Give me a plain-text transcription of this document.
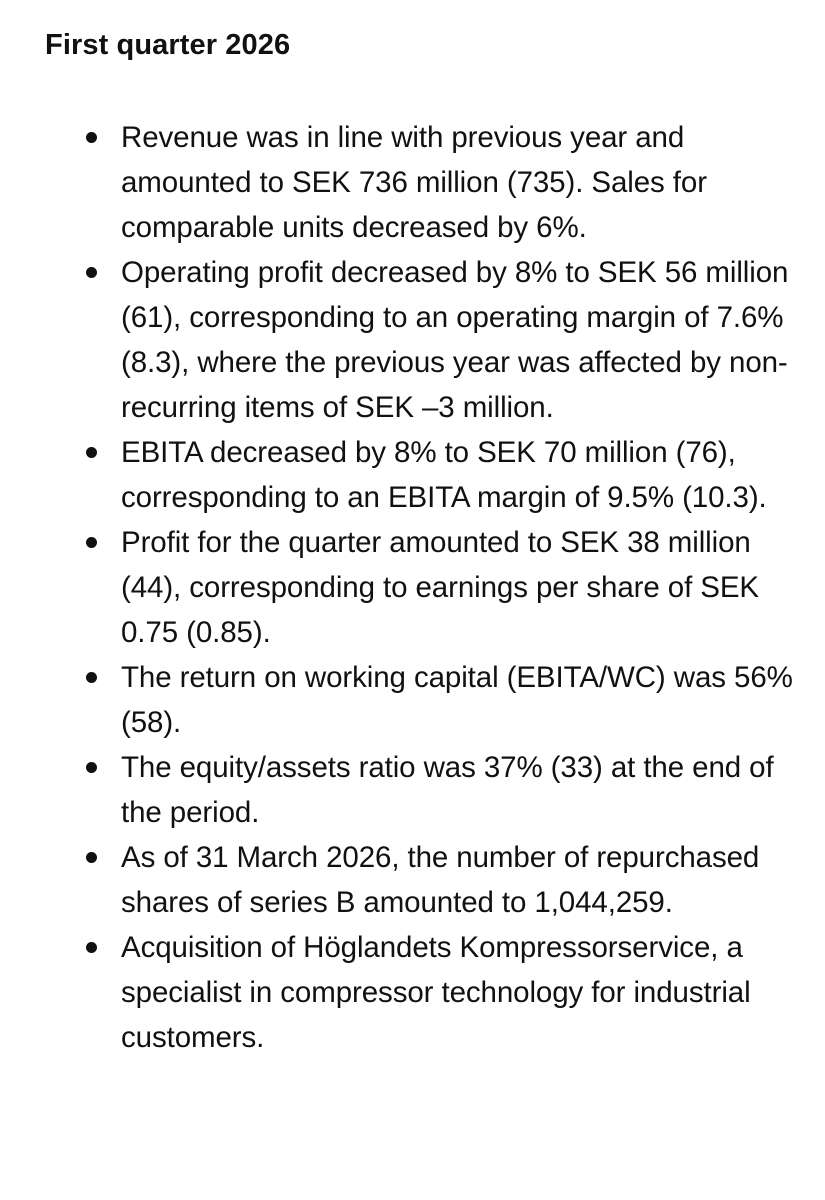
First quarter 2026
Revenue was in line with previous year and amounted to SEK 736 million (735). Sales for comparable units decreased by 6%.
Operating profit decreased by 8% to SEK 56 million (61), corresponding to an operating margin of 7.6% (8.3), where the previous year was affected by non-recurring items of SEK –3 million.
EBITA decreased by 8% to SEK 70 million (76), corresponding to an EBITA margin of 9.5% (10.3).
Profit for the quarter amounted to SEK 38 million (44), corresponding to earnings per share of SEK 0.75 (0.85).
The return on working capital (EBITA/WC) was 56% (58).
The equity/assets ratio was 37% (33) at the end of the period.
As of 31 March 2026, the number of repurchased shares of series B amounted to 1,044,259.
Acquisition of Höglandets Kompressorservice, a specialist in compressor technology for industrial customers.
